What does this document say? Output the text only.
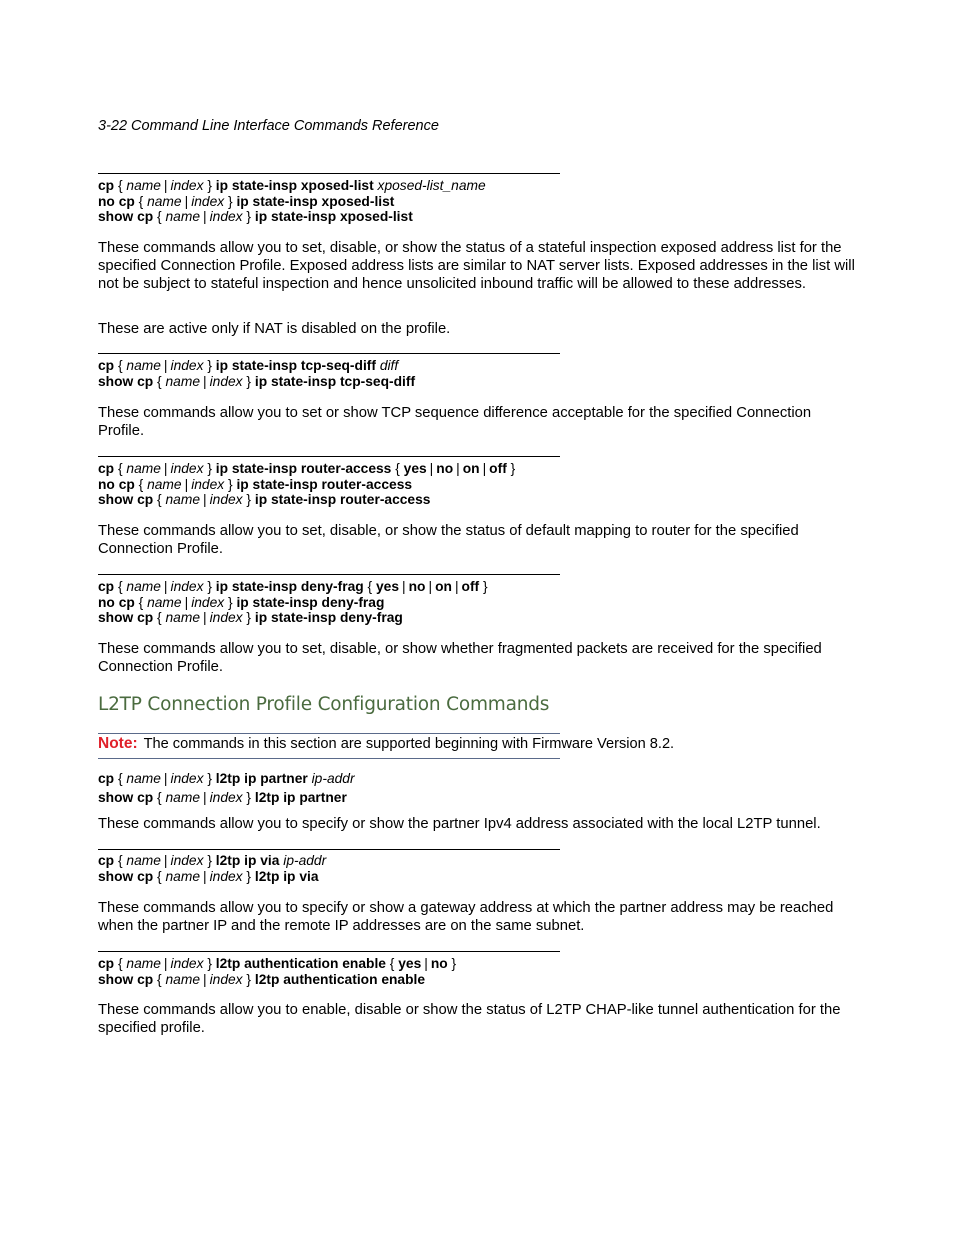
3-22 Command Line Interface Commands Reference
cp { name | index } ip state-insp xposed-list xposed-list_name
no cp { name | index } ip state-insp xposed-list
show cp { name | index } ip state-insp xposed-list

These commands allow you to set, disable, or show the status of a stateful inspection exposed address list for the specified Connection Profile. Exposed address lists are similar to NAT server lists. Exposed addresses in the list will not be subject to stateful inspection and hence unsolicited inbound traffic will be allowed to these addresses.

These are active only if NAT is disabled on the profile.

cp { name | index } ip state-insp tcp-seq-diff diff
show cp { name | index } ip state-insp tcp-seq-diff

These commands allow you to set or show TCP sequence difference acceptable for the specified Connection Profile.

cp { name | index } ip state-insp router-access { yes | no | on | off }
no cp { name | index } ip state-insp router-access
show cp { name | index } ip state-insp router-access

These commands allow you to set, disable, or show the status of default mapping to router for the specified Connection Profile.

cp { name | index } ip state-insp deny-frag { yes | no | on | off }
no cp { name | index } ip state-insp deny-frag
show cp { name | index } ip state-insp deny-frag

These commands allow you to set, disable, or show whether fragmented packets are received for the specified Connection Profile.

L2TP Connection Profile Configuration Commands
Note: The commands in this section are supported beginning with Firmware Version 8.2.
cp { name | index } l2tp ip partner ip-addr
show cp { name | index } l2tp ip partner

These commands allow you to specify or show the partner Ipv4 address associated with the local L2TP tunnel.

cp { name | index } l2tp ip via ip-addr
show cp { name | index } l2tp ip via

These commands allow you to specify or show a gateway address at which the partner address may be reached when the partner IP and the remote IP addresses are on the same subnet.

cp { name | index } l2tp authentication enable { yes | no }
show cp { name | index } l2tp authentication enable

These commands allow you to enable, disable or show the status of L2TP CHAP-like tunnel authentication for the specified profile.
